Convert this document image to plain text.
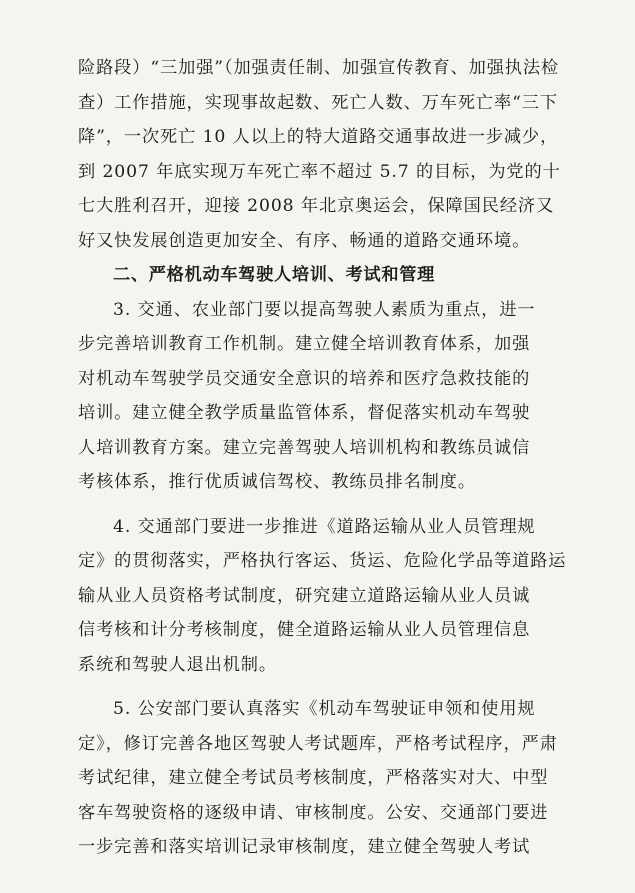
险路段）“三加强”（加强责任制、加强宣传教育、加强执法检
查）工作措施，实现事故起数、死亡人数、万车死亡率“三下
降”，一次死亡 10 人以上的特大道路交通事故进一步减少，
到 2007 年底实现万车死亡率不超过 5.7 的目标，为党的十
七大胜利召开，迎接 2008 年北京奥运会，保障国民经济又
好又快发展创造更加安全、有序、畅通的道路交通环境。
二、严格机动车驾驶人培训、考试和管理
3. 交通、农业部门要以提高驾驶人素质为重点，进一
步完善培训教育工作机制。建立健全培训教育体系，加强
对机动车驾驶学员交通安全意识的培养和医疗急救技能的
培训。建立健全教学质量监管体系，督促落实机动车驾驶
人培训教育方案。建立完善驾驶人培训机构和教练员诚信
考核体系，推行优质诚信驾校、教练员排名制度。
4. 交通部门要进一步推进《道路运输从业人员管理规
定》的贯彻落实，严格执行客运、货运、危险化学品等道路运
输从业人员资格考试制度，研究建立道路运输从业人员诚
信考核和计分考核制度，健全道路运输从业人员管理信息
系统和驾驶人退出机制。
5. 公安部门要认真落实《机动车驾驶证申领和使用规
定》，修订完善各地区驾驶人考试题库，严格考试程序，严肃
考试纪律，建立健全考试员考核制度，严格落实对大、中型
客车驾驶资格的逐级申请、审核制度。公安、交通部门要进
一步完善和落实培训记录审核制度，建立健全驾驶人考试
